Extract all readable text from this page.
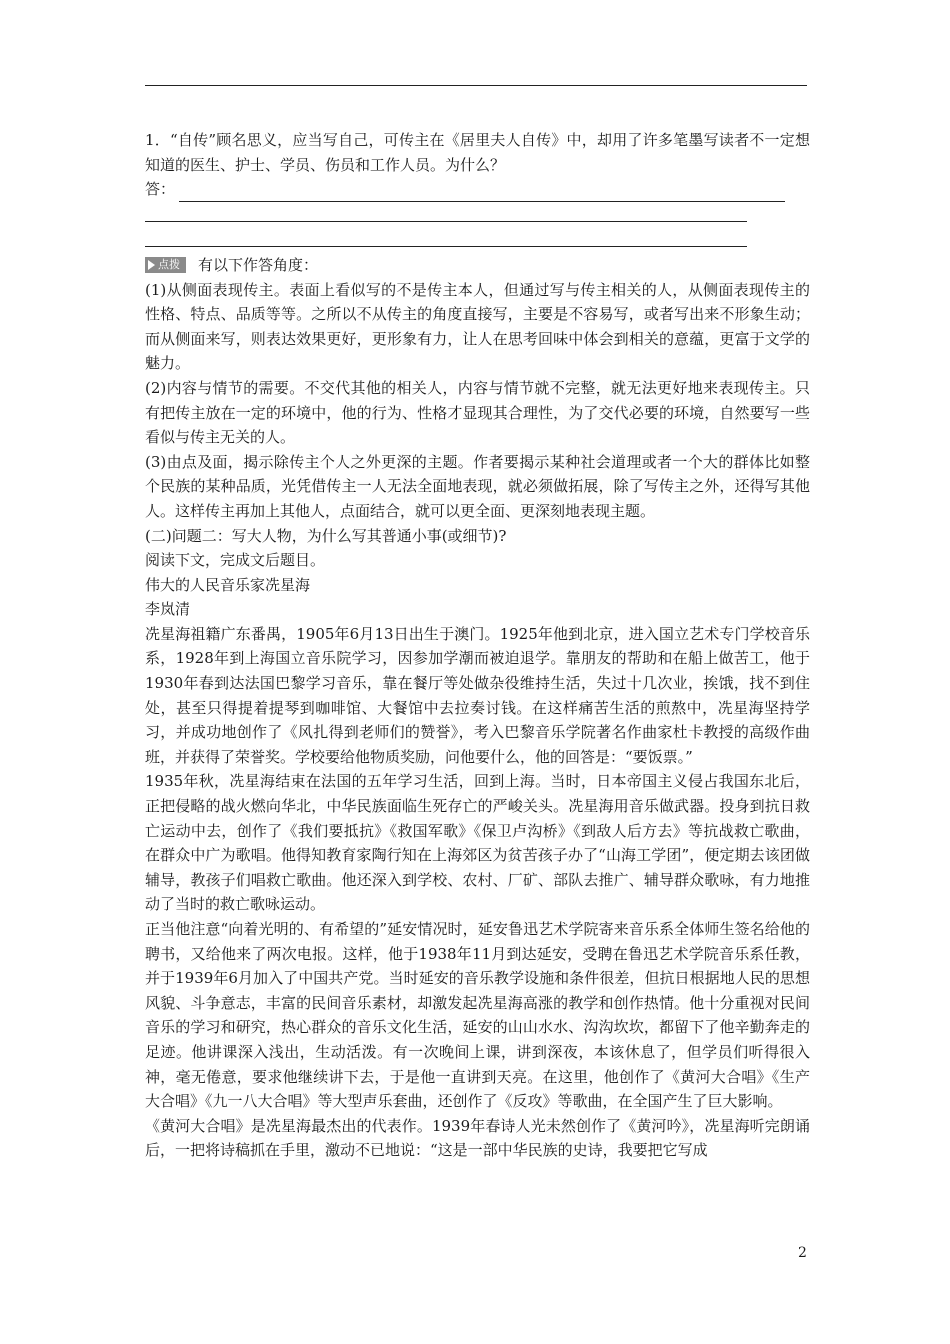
1．“自传”顾名思义，应当写自己，可传主在《居里夫人自传》中，却用了许多笔墨写读者不一定想知道的医生、护士、学员、伤员和工作人员。为什么？

答：
点拨 有以下作答角度：

(1)从侧面表现传主。表面上看似写的不是传主本人，但通过写与传主相关的人，从侧面表现传主的性格、特点、品质等等。之所以不从传主的角度直接写，主要是不容易写，或者写出来不形象生动；而从侧面来写，则表达效果更好，更形象有力，让人在思考回味中体会到相关的意蕴，更富于文学的魅力。

(2)内容与情节的需要。不交代其他的相关人，内容与情节就不完整，就无法更好地来表现传主。只有把传主放在一定的环境中，他的行为、性格才显现其合理性，为了交代必要的环境，自然要写一些看似与传主无关的人。

(3)由点及面，揭示除传主个人之外更深的主题。作者要揭示某种社会道理或者一个大的群体比如整个民族的某种品质，光凭借传主一人无法全面地表现，就必须做拓展，除了写传主之外，还得写其他人。这样传主再加上其他人，点面结合，就可以更全面、更深刻地表现主题。

(二)问题二：写大人物，为什么写其普通小事(或细节)?

阅读下文，完成文后题目。

伟大的人民音乐家冼星海

李岚清

冼星海祖籍广东番禺，1905年6月13日出生于澳门。1925年他到北京，进入国立艺术专门学校音乐系，1928年到上海国立音乐院学习，因参加学潮而被迫退学。靠朋友的帮助和在船上做苦工，他于1930年春到达法国巴黎学习音乐，靠在餐厅等处做杂役维持生活，失过十几次业，挨饿，找不到住处，甚至只得提着提琴到咖啡馆、大餐馆中去拉奏讨钱。在这样痛苦生活的煎熬中，冼星海坚持学习，并成功地创作了《风扎得到老师们的赞誉》，考入巴黎音乐学院著名作曲家杜卡教授的高级作曲班，并获得了荣誉奖。学校要给他物质奖励，问他要什么，他的回答是：“要饭票。”

1935年秋，冼星海结束在法国的五年学习生活，回到上海。当时，日本帝国主义侵占我国东北后，正把侵略的战火燃向华北，中华民族面临生死存亡的严峻关头。冼星海用音乐做武器。投身到抗日救亡运动中去，创作了《我们要抵抗》《救国军歌》《保卫卢沟桥》《到敌人后方去》等抗战救亡歌曲，在群众中广为歌唱。他得知教育家陶行知在上海郊区为贫苦孩子办了“山海工学团”，便定期去该团做辅导，教孩子们唱救亡歌曲。他还深入到学校、农村、厂矿、部队去推广、辅导群众歌咏，有力地推动了当时的救亡歌咏运动。

正当他注意“向着光明的、有希望的”延安情况时，延安鲁迅艺术学院寄来音乐系全体师生签名给他的聘书，又给他来了两次电报。这样，他于1938年11月到达延安，受聘在鲁迅艺术学院音乐系任教，并于1939年6月加入了中国共产党。当时延安的音乐教学设施和条件很差，但抗日根据地人民的思想风貌、斗争意志，丰富的民间音乐素材，却激发起冼星海高涨的教学和创作热情。他十分重视对民间音乐的学习和研究，热心群众的音乐文化生活，延安的山山水水、沟沟坎坎，都留下了他辛勤奔走的足迹。他讲课深入浅出，生动活泼。有一次晚间上课，讲到深夜，本该休息了，但学员们听得很入神，毫无倦意，要求他继续讲下去，于是他一直讲到天亮。在这里，他创作了《黄河大合唱》《生产大合唱》《九一八大合唱》等大型声乐套曲，还创作了《反攻》等歌曲，在全国产生了巨大影响。

《黄河大合唱》是冼星海最杰出的代表作。1939年春诗人光未然创作了《黄河吟》，冼星海听完朗诵后，一把将诗稿抓在手里，激动不已地说：“这是一部中华民族的史诗，我要把它写成

2
